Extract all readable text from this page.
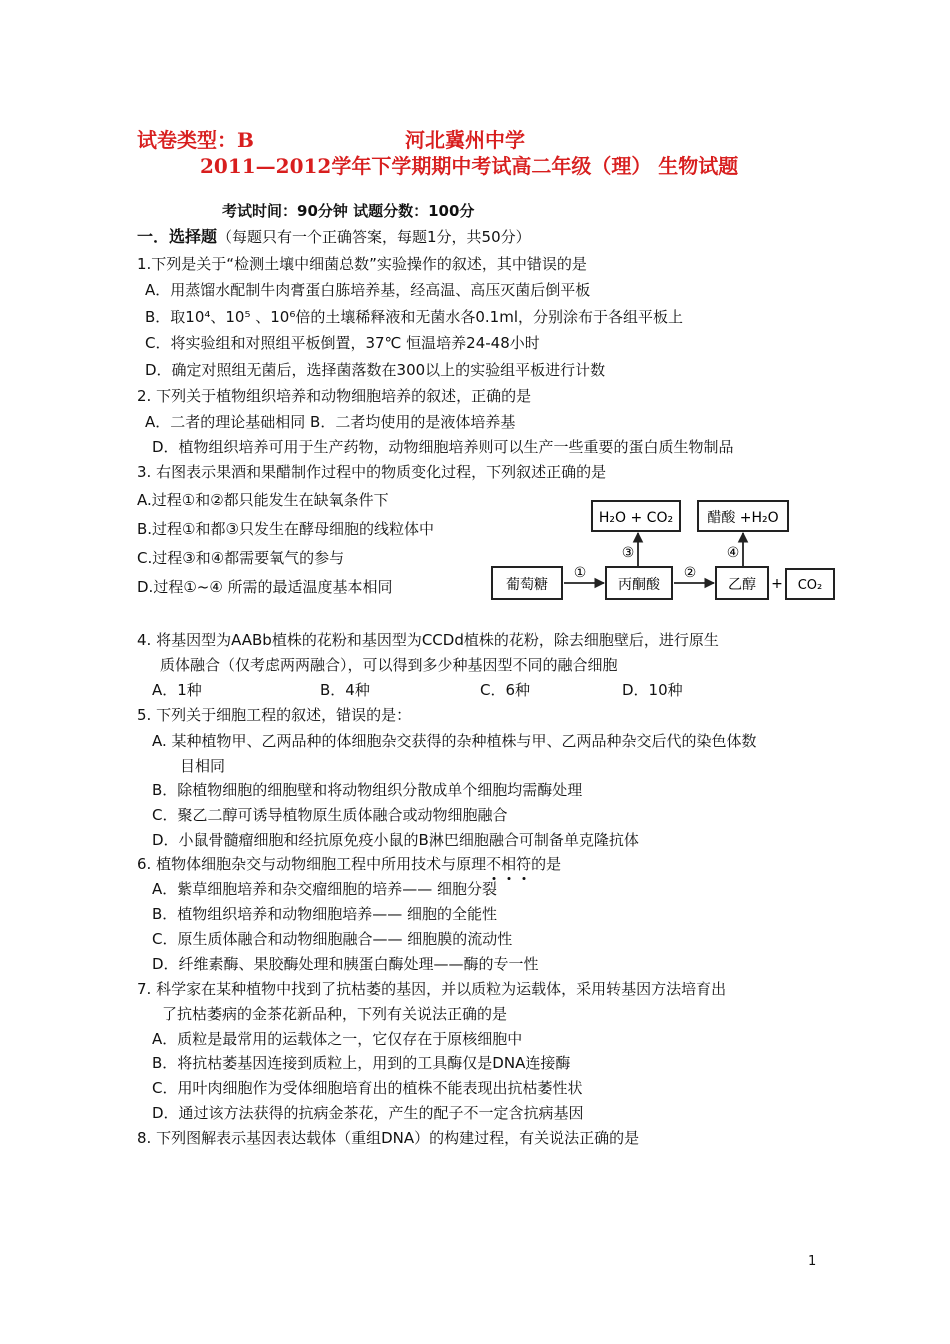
试卷类型：B	河北冀州中学
2011—2012学年下学期期中考试高二年级（理） 生物试题
考试时间：90分钟 试题分数：100分
一．选择题（每题只有一个正确答案，每题1分，共50分）
1.下列是关于“检测土壤中细菌总数”实验操作的叙述，其中错误的是
A．用蒸馏水配制牛肉膏蛋白胨培养基，经高温、高压灭菌后倒平板
B．取10⁴、10⁵ 、10⁶倍的土壤稀释液和无菌水各0.1ml，分别涂布于各组平板上
C．将实验组和对照组平板倒置，37℃ 恒温培养24-48小时
D．确定对照组无菌后，选择菌落数在300以上的实验组平板进行计数
2. 下列关于植物组织培养和动物细胞培养的叙述，正确的是
A．二者的理论基础相同 B．二者均使用的是液体培养基
D．植物组织培养可用于生产药物，动物细胞培养则可以生产一些重要的蛋白质生物制品
3. 右图表示果酒和果醋制作过程中的物质变化过程，下列叙述正确的是
A.过程①和②都只能发生在缺氧条件下
B.过程①和都③只发生在酵母细胞的线粒体中
C.过程③和④都需要氧气的参与
D.过程①~④ 所需的最适温度基本相同
H₂O + CO₂ 醋酸 +H₂O
③	④
葡萄糖
①
丙酮酸
②
乙醇 + CO₂
4. 将基因型为AABb植株的花粉和基因型为CCDd植株的花粉，除去细胞壁后，进行原生
质体融合（仅考虑两两融合），可以得到多少种基因型不同的融合细胞
A．1种	B．4种	C．6种	D．10种
5. 下列关于细胞工程的叙述，错误的是：
A. 某种植物甲、乙两品种的体细胞杂交获得的杂种植株与甲、乙两品种杂交后代的染色体数
目相同
B．除植物细胞的细胞壁和将动物组织分散成单个细胞均需酶处理
C．聚乙二醇可诱导植物原生质体融合或动物细胞融合
D．小鼠骨髓瘤细胞和经抗原免疫小鼠的B淋巴细胞融合可制备单克隆抗体
6. 植物体细胞杂交与动物细胞工程中所用技术与原理不
相
符
的是
A．紫草细胞培养和杂交瘤细胞的培养—— 细胞分裂
B．植物组织培养和动物细胞培养—— 细胞的全能性
C．原生质体融合和动物细胞融合—— 细胞膜的流动性
D．纤维素酶、果胶酶处理和胰蛋白酶处理——酶的专一性
7. 科学家在某种植物中找到了抗枯萎的基因，并以质粒为运载体，采用转基因方法培育出
了抗枯萎病的金茶花新品种，下列有关说法正确的是
A．质粒是最常用的运载体之一，它仅存在于原核细胞中
B．将抗枯萎基因连接到质粒上，用到的工具酶仅是DNA连接酶
C．用叶肉细胞作为受体细胞培育出的植株不能表现出抗枯萎性状
D．通过该方法获得的抗病金茶花，产生的配子不一定含抗病基因
8. 下列图解表示基因表达载体（重组DNA）的构建过程，有关说法正确的是
1
